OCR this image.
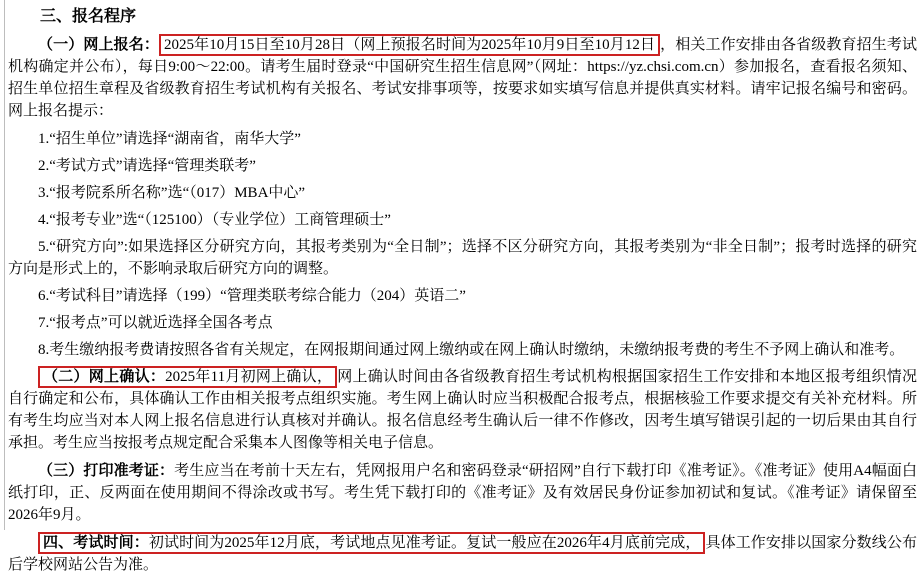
三、报名程序

（一）网上报名： 2025年10月15日至10月28日（网上预报名时间为2025年10月9日至10月12日 ，相关工作安排由各省级教育招生考试机构确定并公布），每日9:00～22:00。请考生届时登录“中国研究生招生信息网”（网址：https://yz.chsi.com.cn）参加报名，查看报名须知、招生单位招生章程及省级教育招生考试机构有关报名、考试安排事项等，按要求如实填写信息并提供真实材料。请牢记报名编号和密码。网上报名提示：

1.“招生单位”请选择“湖南省，南华大学”

2.“考试方式”请选择“管理类联考”

3.“报考院系所名称”选“（017）MBA中心”

4.“报考专业”选“（125100）（专业学位）工商管理硕士”

5.“研究方向”:如果选择区分研究方向，其报考类别为“全日制”；选择不区分研究方向，其报考类别为“非全日制”；报考时选择的研究方向是形式上的，不影响录取后研究方向的调整。

6.“考试科目”请选择（199）“管理类联考综合能力（204）英语二”

7.“报考点”可以就近选择全国各考点

8.考生缴纳报考费请按照各省有关规定，在网报期间通过网上缴纳或在网上确认时缴纳，未缴纳报考费的考生不予网上确认和准考。

（二）网上确认：2025年11月初网上确认， 网上确认时间由各省级教育招生考试机构根据国家招生工作安排和本地区报考组织情况自行确定和公布，具体确认工作由相关报考点组织实施。考生网上确认时应当积极配合报考点，根据核验工作要求提交有关补充材料。所有考生均应当对本人网上报名信息进行认真核对并确认。报名信息经考生确认后一律不作修改，因考生填写错误引起的一切后果由其自行承担。考生应当按报考点规定配合采集本人图像等相关电子信息。

（三）打印准考证：考生应当在考前十天左右，凭网报用户名和密码登录“研招网”自行下载打印《准考证》。《准考证》使用A4幅面白纸打印，正、反两面在使用期间不得涂改或书写。考生凭下载打印的《准考证》及有效居民身份证参加初试和复试。《准考证》请保留至2026年9月。

四、考试时间：初试时间为2025年12月底，考试地点见准考证。复试一般应在2026年4月底前完成， 具体工作安排以国家分数线公布后学校网站公告为准。
